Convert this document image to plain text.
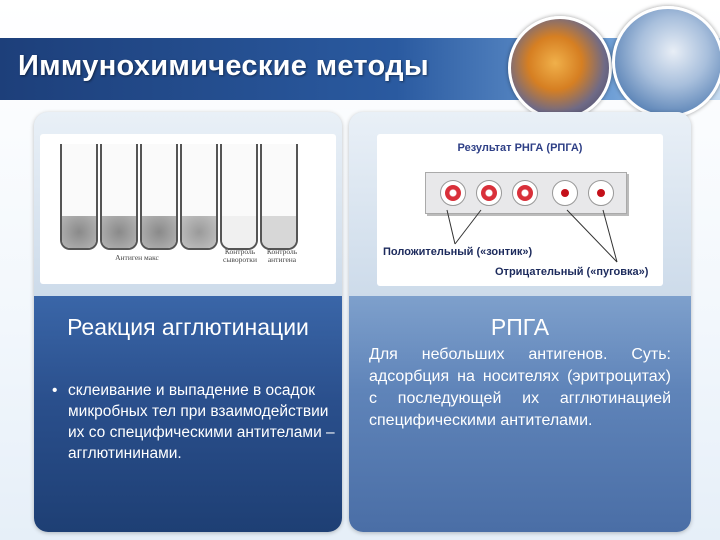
Иммунохимические методы
Антиген макс
Контроль сыворотки
Контроль антигена
Реакция агглютинации
• склеивание и выпадение в осадок микробных тел при взаимодействии их со специфическими антителами –агглютининами.
Результат РНГА (РПГА)
Положительный («зонтик»)
Отрицательный («пуговка»)
РПГА
Для небольших антигенов. Суть: адсорбция на носителях (эритроцитах) с последующей их агглютинацией специфическими антителами.
